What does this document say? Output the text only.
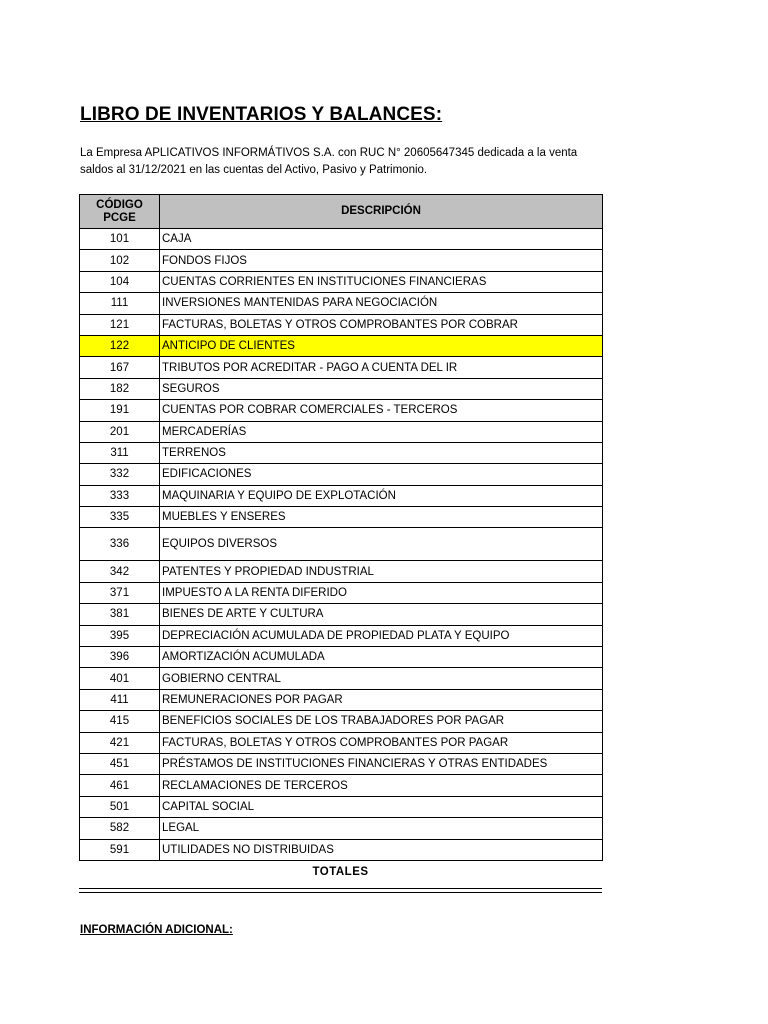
LIBRO DE INVENTARIOS Y BALANCES:
La Empresa APLICATIVOS INFORMÁTIVOS S.A. con RUC N° 20605647345 dedicada a la venta
saldos al 31/12/2021 en las cuentas del Activo, Pasivo y Patrimonio.
CÓDIGO
PCGE	DESCRIPCIÓN
101	CAJA
102	FONDOS FIJOS
104	CUENTAS CORRIENTES EN INSTITUCIONES FINANCIERAS
111	INVERSIONES MANTENIDAS PARA NEGOCIACIÓN
121	FACTURAS, BOLETAS Y OTROS COMPROBANTES POR COBRAR
122	ANTICIPO DE CLIENTES
167	TRIBUTOS POR ACREDITAR - PAGO A CUENTA DEL IR
182	SEGUROS
191	CUENTAS POR COBRAR COMERCIALES - TERCEROS
201	MERCADERÍAS
311	TERRENOS
332	EDIFICACIONES
333	MAQUINARIA Y EQUIPO DE EXPLOTACIÓN
335	MUEBLES Y ENSERES
336	EQUIPOS DIVERSOS
342	PATENTES Y PROPIEDAD INDUSTRIAL
371	IMPUESTO A LA RENTA DIFERIDO
381	BIENES DE ARTE Y CULTURA
395	DEPRECIACIÓN ACUMULADA DE PROPIEDAD PLATA Y EQUIPO
396	AMORTIZACIÓN ACUMULADA
401	GOBIERNO CENTRAL
411	REMUNERACIONES POR PAGAR
415	BENEFICIOS SOCIALES DE LOS TRABAJADORES POR PAGAR
421	FACTURAS, BOLETAS Y OTROS COMPROBANTES POR PAGAR
451	PRÉSTAMOS DE INSTITUCIONES FINANCIERAS Y OTRAS ENTIDADES
461	RECLAMACIONES DE TERCEROS
501	CAPITAL SOCIAL
582	LEGAL
591	UTILIDADES NO DISTRIBUIDAS
TOTALES
INFORMACIÓN ADICIONAL:
